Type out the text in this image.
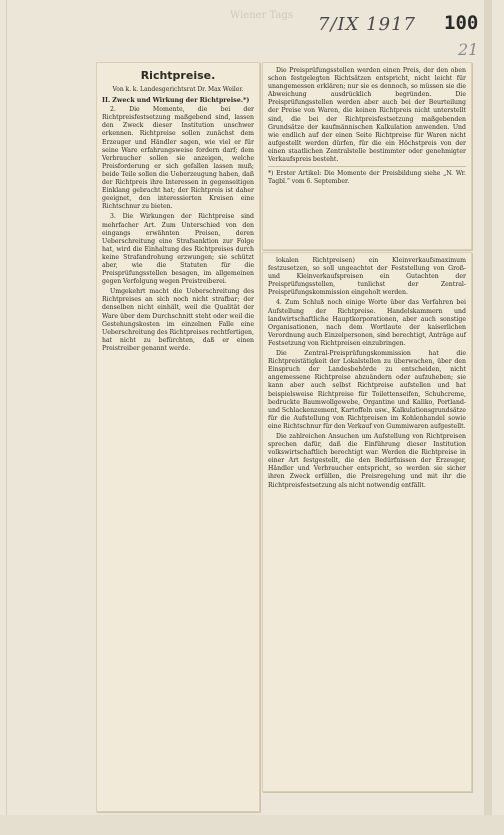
Wiener Tags 7/IX 1917 100
21
Richtpreise.
Von k. k. Landesgerichtsrat Dr. Max Weiler.
II. Zweck und Wirkung der Richtpreise.*)

2. Die Momente, die bei der Richtpreisfestsetzung maßgebend sind, lassen den Zweck dieser Institution unschwer erkennen. Richtpreise sollen zunächst dem Erzeuger und Händler sagen, wie viel er für seine Ware erfahrungsweise fordern darf; dem Verbraucher sollen sie anzeigen, welche Preisforderung er sich gefallen lassen muß; beide Teile sollen die Ueberzeugung haben, daß der Richtpreis ihre Interessen in gegenseitigen Einklang gebracht hat; der Richtpreis ist daher geeignet, den interessierten Kreisen eine Richtschnur zu bieten.

3. Die Wirkungen der Richtpreise sind mehrfacher Art. Zum Unterschied von den eingangs erwähnten Preisen, deren Ueberschreitung eine Strafsanktion zur Folge hat, wird die Einhaltung des Richtpreises durch keine Strafandrohung erzwungen; sie schützt aber, wie die Statuten für die Preisprüfungsstellen besagen, im allgemeinen gegen Verfolgung wegen Preistreiberei.

Umgekehrt macht die Ueberschreitung des Richtpreises an sich noch nicht strafbar; der denselben nicht einhält, weil die Qualität der Ware über dem Durchschnitt steht oder weil die Gestehungskosten im einzelnen Falle eine Ueberschreitung des Richtpreises rechtfertigen, hat nicht zu befürchten, daß er einen Preistreiber genannt werde.

Die Preisprüfungsstellen werden einen Preis, der den oben schon festgelegten Richtsätzen entspricht, nicht leicht für unangemessen erklären; nur sie es dennoch, so müssen sie die Abweichung ausdrücklich begründen. Die Preisprüfungsstellen werden aber auch bei der Beurteilung der Preise von Waren, die keinen Richtpreis nicht unterstellt sind, die bei der Richtpreisfestsetzung maßgebenden Grundsätze der kaufmännischen Kalkulation anwenden. Und wie endlich auf der einen Seite Richtpreise für Waren nicht aufgestellt werden dürfen, für die ein Höchstpreis von der einen staatlichen Zentralstelle bestimmter oder genehmigter Verkaufspreis besteht.

*) Erster Artikel: Die Momente der Preisbildung siehe „N. Wr. Tagbl.“ vom 6. September.

lokalen Richtpreisen) ein Kleinverkaufsmaximum festzusetzen, so soll ungeachtet der Feststellung von Groß- und Kleinverkaufspreisen ein Gutachten der Preisprüfungsstellen, tunlichst der Zentral-Preisprüfungskommission eingeholt werden.

4. Zum Schluß noch einige Worte über das Verfahren bei Aufstellung der Richtpreise. Handelskammern und landwirtschaftliche Hauptkorporationen, aber auch sonstige Organisationen, nach dem Wortlaute der kaiserlichen Verordnung auch Einzelpersonen, sind berechtigt, Anträge auf Festsetzung von Richtpreisen einzubringen.

Die Zentral-Preisprüfungskommission hat die Richtpreistätigkeit der Lokalstellen zu überwachen, über den Einspruch der Landesbehörde zu entscheiden, nicht angemessene Richtpreise abzuändern oder aufzuheben; sie kann aber auch selbst Richtpreise aufstellen und hat beispielsweise Richtpreise für Toilettenseifen, Schuhcreme, bedruckte Baumwollgewebe, Organtine und Kaliko, Portland- und Schlackenzement, Kartoffeln usw., Kalkulationsgrundsätze für die Aufstellung von Richtpreisen im Kohlenhandel sowie eine Richtschnur für den Verkauf von Gummiwaren aufgestellt.

Die zahlreichen Ansuchen um Aufstellung von Richtpreisen sprechen dafür, daß die Einführung dieser Institution volkswirtschaftlich berechtigt war. Werden die Richtpreise in einer Art festgestellt, die den Bedürfnissen der Erzeuger, Händler und Verbraucher entspricht, so werden sie sicher ihren Zweck erfüllen, die Preisregelung und mit ihr die Richtpreisfestsetzung als nicht notwendig entfällt.
